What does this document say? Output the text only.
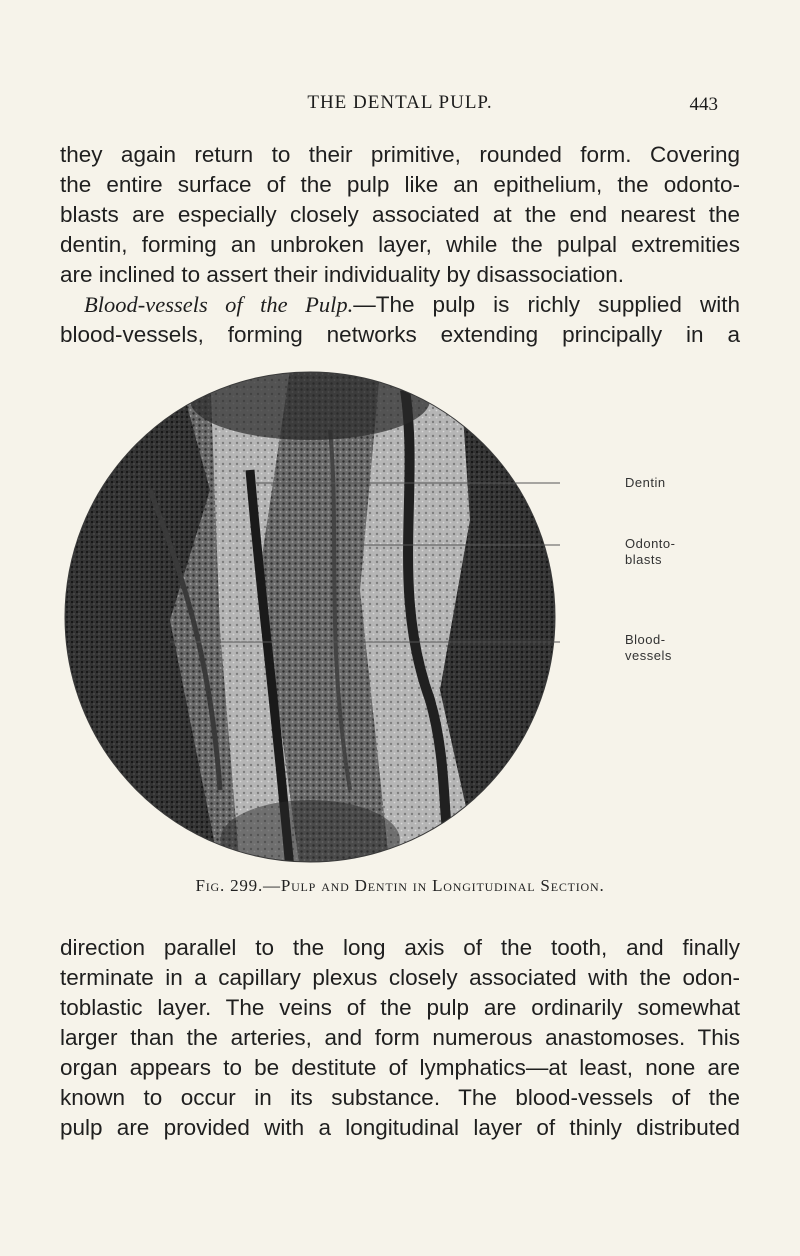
THE DENTAL PULP.	443

they again return to their primitive, rounded form. Covering

the entire surface of the pulp like an epithelium, the odonto-

blasts are especially closely associated at the end nearest the

dentin, forming an unbroken layer, while the pulpal extremities

are inclined to assert their individuality by disassociation.

Blood-vessels of the Pulp.—The pulp is richly supplied with

blood-vessels, forming networks extending principally in a

Dentin
Odonto-
blasts
Blood-
vessels
Fig. 299.—Pulp and Dentin in Longitudinal Section.

direction parallel to the long axis of the tooth, and finally

terminate in a capillary plexus closely associated with the odon-

toblastic layer. The veins of the pulp are ordinarily somewhat

larger than the arteries, and form numerous anastomoses. This

organ appears to be destitute of lymphatics—at least, none are

known to occur in its substance. The blood-vessels of the

pulp are provided with a longitudinal layer of thinly distributed
